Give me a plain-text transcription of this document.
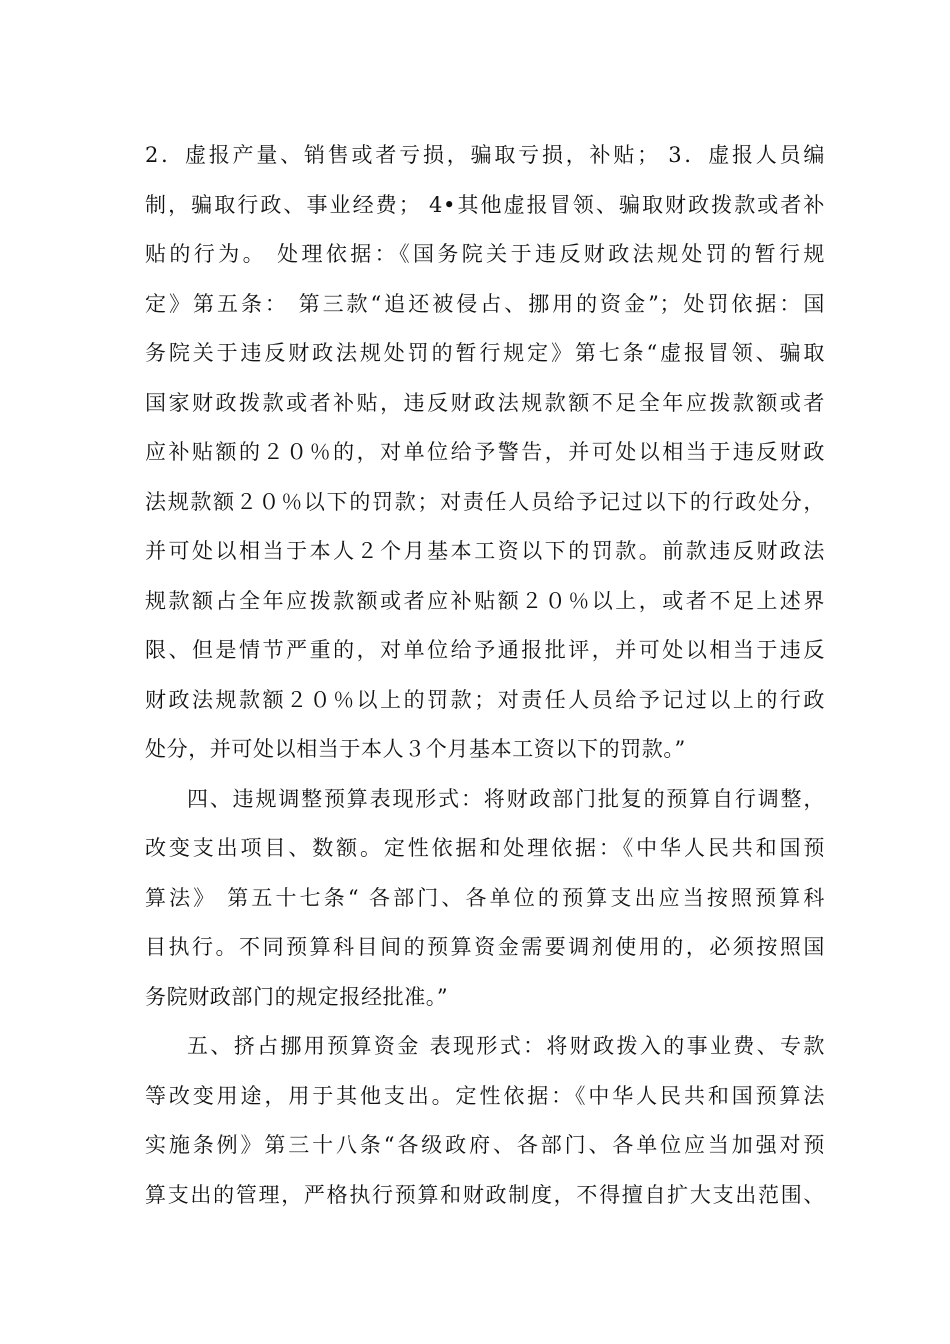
2．虚报产量、销售或者亏损，骗取亏损，补贴； 3．虚报人员编
制，骗取行政、事业经费； 4•其他虚报冒领、骗取财政拨款或者补
贴的行为。 处理依据：《国务院关于违反财政法规处罚的暂行规
定》第五条： 第三款“追还被侵占、挪用的资金”；处罚依据：国
务院关于违反财政法规处罚的暂行规定》第七条“虚报冒领、骗取
国家财政拨款或者补贴，违反财政法规款额不足全年应拨款额或者
应补贴额的２０％的，对单位给予警告，并可处以相当于违反财政
法规款额２０％以下的罚款；对责任人员给予记过以下的行政处分，
并可处以相当于本人２个月基本工资以下的罚款。前款违反财政法
规款额占全年应拨款额或者应补贴额２０％以上，或者不足上述界
限、但是情节严重的，对单位给予通报批评，并可处以相当于违反
财政法规款额２０％以上的罚款；对责任人员给予记过以上的行政
处分，并可处以相当于本人３个月基本工资以下的罚款。”
四、违规调整预算表现形式：将财政部门批复的预算自行调整，
改变支出项目、数额。定性依据和处理依据：《中华人民共和国预
算法》 第五十七条“ 各部门、各单位的预算支出应当按照预算科
目执行。不同预算科目间的预算资金需要调剂使用的，必须按照国
务院财政部门的规定报经批准。”
五、挤占挪用预算资金 表现形式：将财政拨入的事业费、专款
等改变用途，用于其他支出。定性依据：《中华人民共和国预算法
实施条例》第三十八条“各级政府、各部门、各单位应当加强对预
算支出的管理，严格执行预算和财政制度，不得擅自扩大支出范围、
